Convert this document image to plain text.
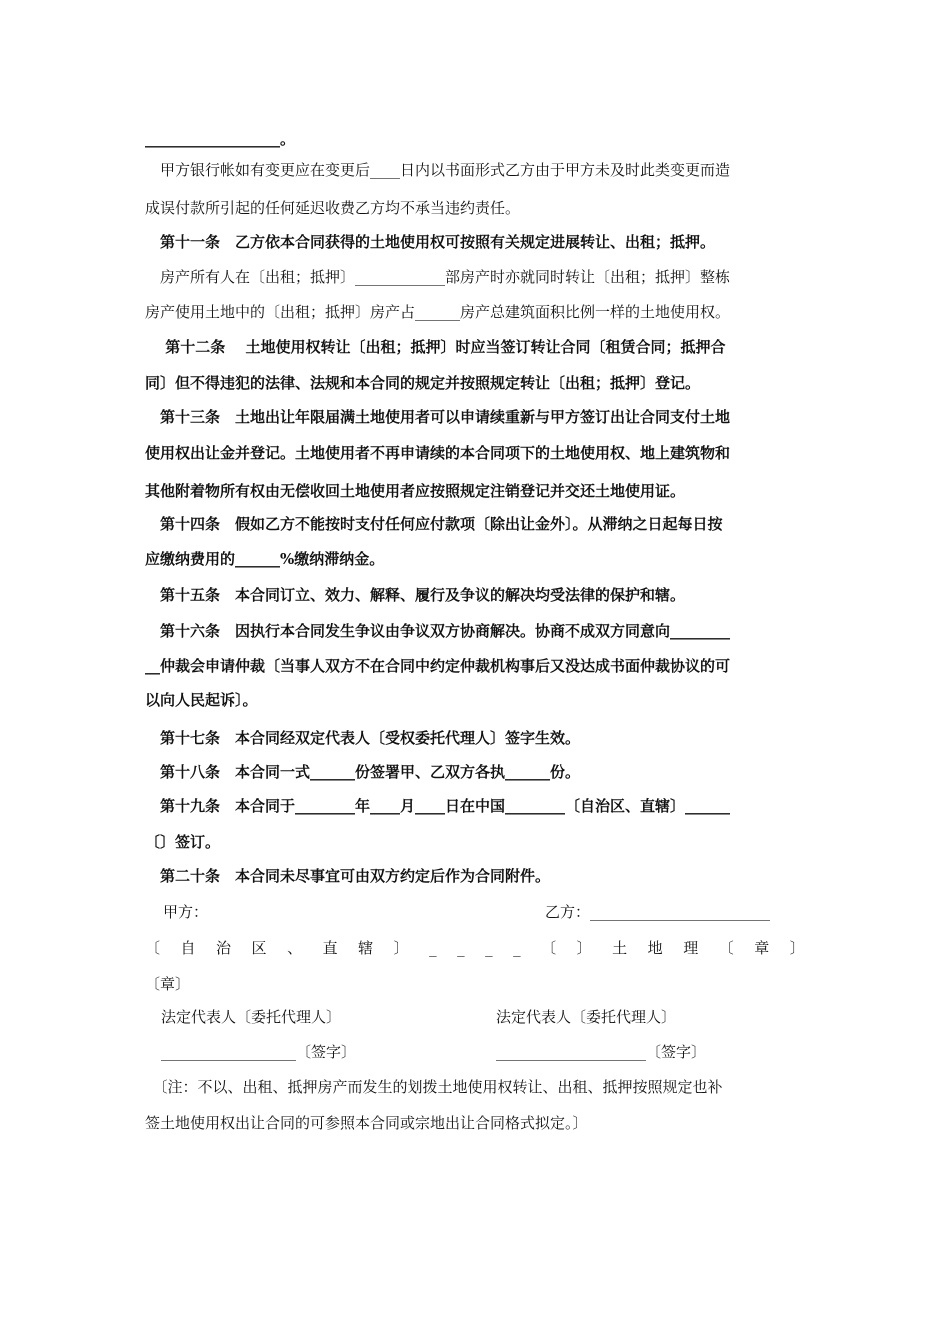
__________________。
　甲方银行帐如有变更应在变更后____日内以书面形式乙方由于甲方未及时此类变更而造
成误付款所引起的任何延迟收费乙方均不承当违约责任。
　第十一条　乙方依本合同获得的土地使用权可按照有关规定进展转让、出租；抵押。
　房产所有人在〔出租；抵押〕____________部房产时亦就同时转让〔出租；抵押〕整栋
房产使用土地中的〔出租；抵押〕房产占______房产总建筑面积比例一样的土地使用权。
　 第十二条　 土地使用权转让〔出租；抵押〕时应当签订转让合同〔租赁合同；抵押合
同〕但不得违犯的法律、法规和本合同的规定并按照规定转让〔出租；抵押〕登记。
　第十三条　土地出让年限届满土地使用者可以申请续重新与甲方签订出让合同支付土地
使用权出让金并登记。土地使用者不再申请续的本合同项下的土地使用权、地上建筑物和
其他附着物所有权由无偿收回土地使用者应按照规定注销登记并交还土地使用证。
　第十四条　假如乙方不能按时支付任何应付款项〔除出让金外〕。从滞纳之日起每日按
应缴纳费用的______%缴纳滞纳金。
　第十五条　本合同订立、效力、解释、履行及争议的解决均受法律的保护和辖。
　第十六条　因执行本合同发生争议由争议双方协商解决。协商不成双方同意向________
__仲裁会申请仲裁〔当事人双方不在合同中约定仲裁机构事后又没达成书面仲裁协议的可
以向人民起诉〕。
　第十七条　本合同经双定代表人〔受权委托代理人〕签字生效。
　第十八条　本合同一式______份签署甲、乙双方各执______份。
　第十九条　本合同于________年____月____日在中国________〔自治区、直辖〕______
〔〕签订。
　第二十条　本合同未尽事宜可由双方约定后作为合同附件。
甲方：	乙方：________________________
〔 自 治 区 、 直 辖 〕 _ _ _ _ 〔 〕 土 地 理 〔 章 〕
〔章〕
法定代表人〔委托代理人〕	法定代表人〔委托代理人〕
__________________〔签字〕	____________________〔签字〕
　〔注：不以、出租、抵押房产而发生的划拨土地使用权转让、出租、抵押按照规定也补
签土地使用权出让合同的可参照本合同或宗地出让合同格式拟定。〕
